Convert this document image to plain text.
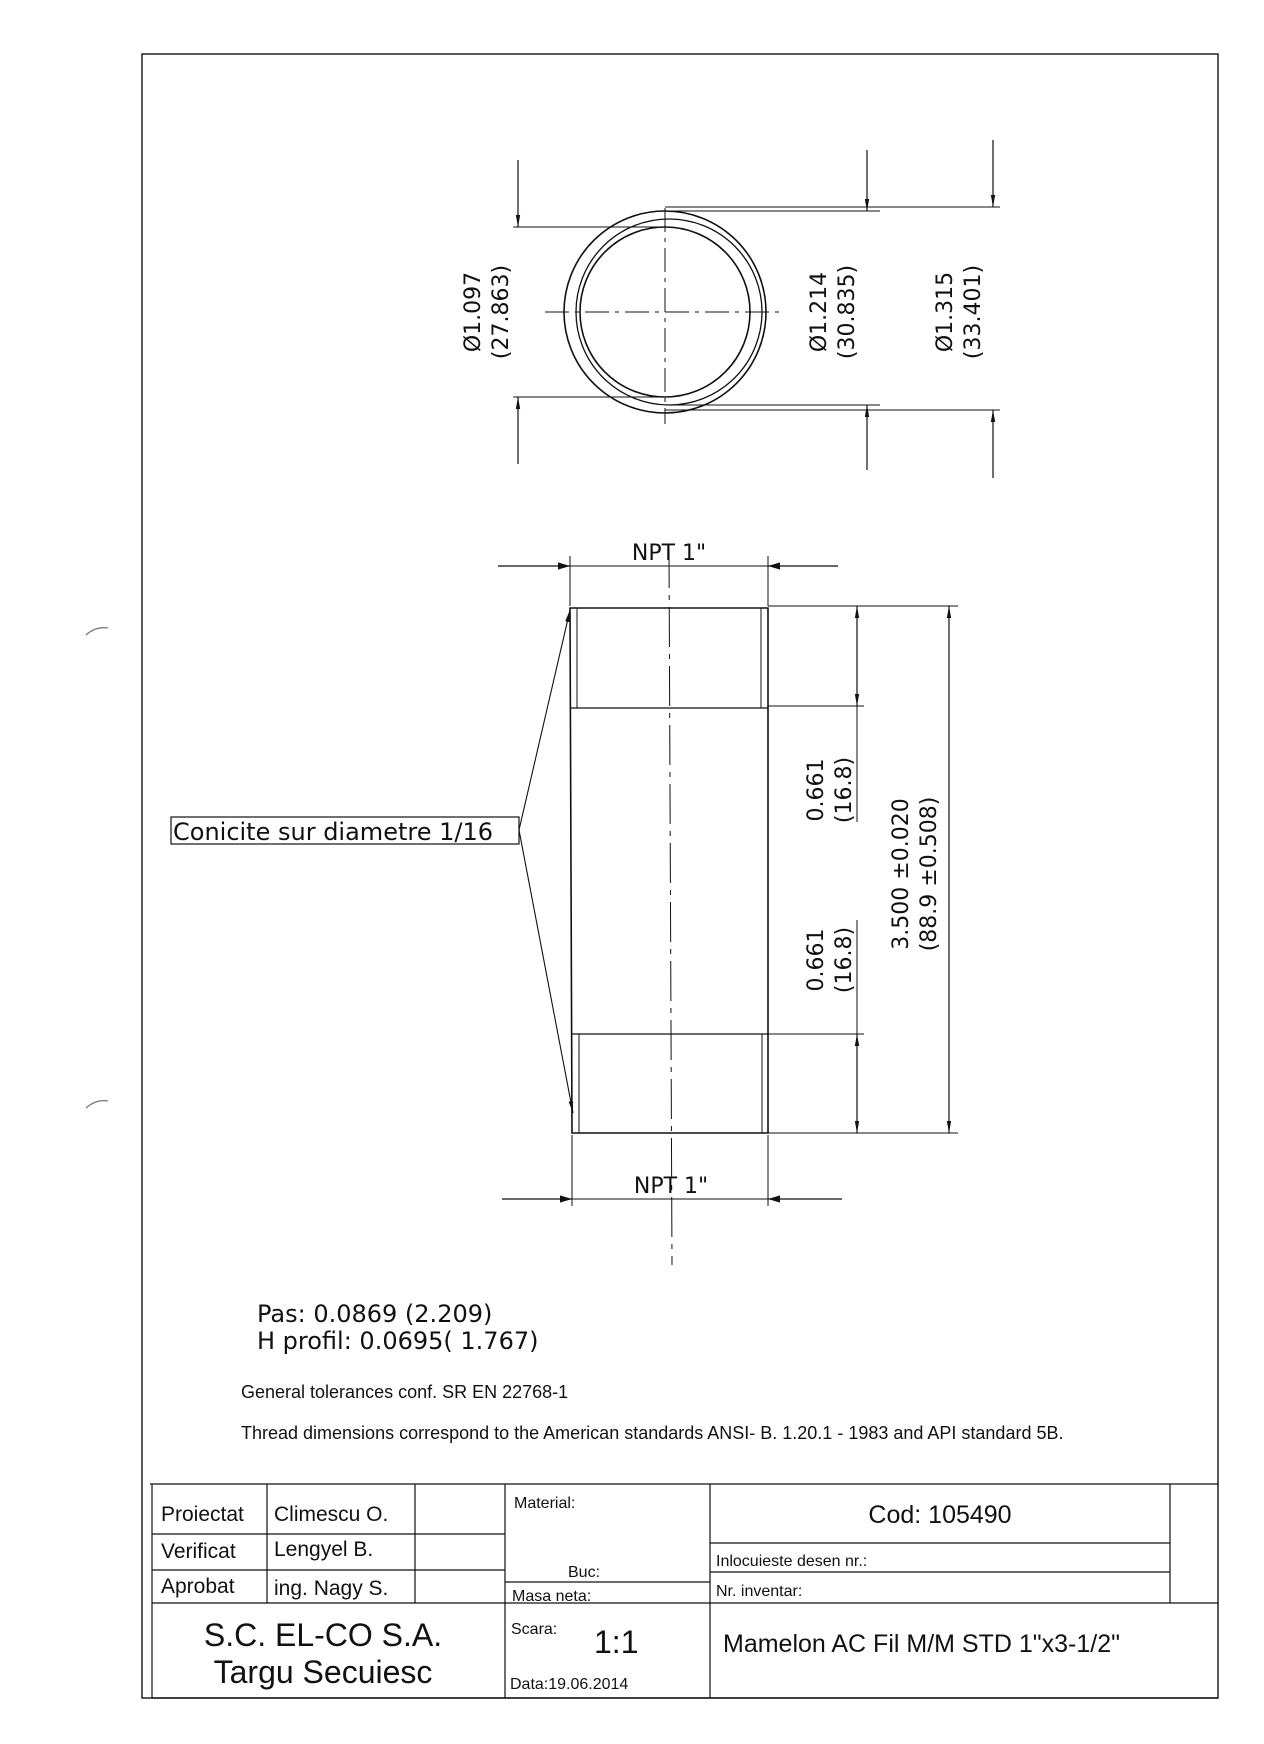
Ø1.097 (27.863)	Ø1.214 (30.835)	Ø1.315 (33.401)
NPT 1"
NPT 1"
0.661 (16.8)
0.661 (16.8)
3.500 ±0.020 (88.9 ±0.508)
Conicite sur diametre 1/16
Pas: 0.0869 (2.209)
H profil: 0.0695( 1.767)
General tolerances conf. SR EN 22768-1
Thread dimensions correspond to the American standards ANSI- B. 1.20.1 - 1983 and API standard 5B.
Proiectat Climescu O.
Verificat Lengyel B.
Aprobat ing. Nagy S.
Material:
Buc:
Masa neta:
Cod: 105490
Inlocuieste desen nr.:
Nr. inventar:
S.C. EL-CO S.A.
Targu Secuiesc
Scara: 1:1
Data:19.06.2014
Mamelon AC Fil M/M STD 1"x3-1/2"
